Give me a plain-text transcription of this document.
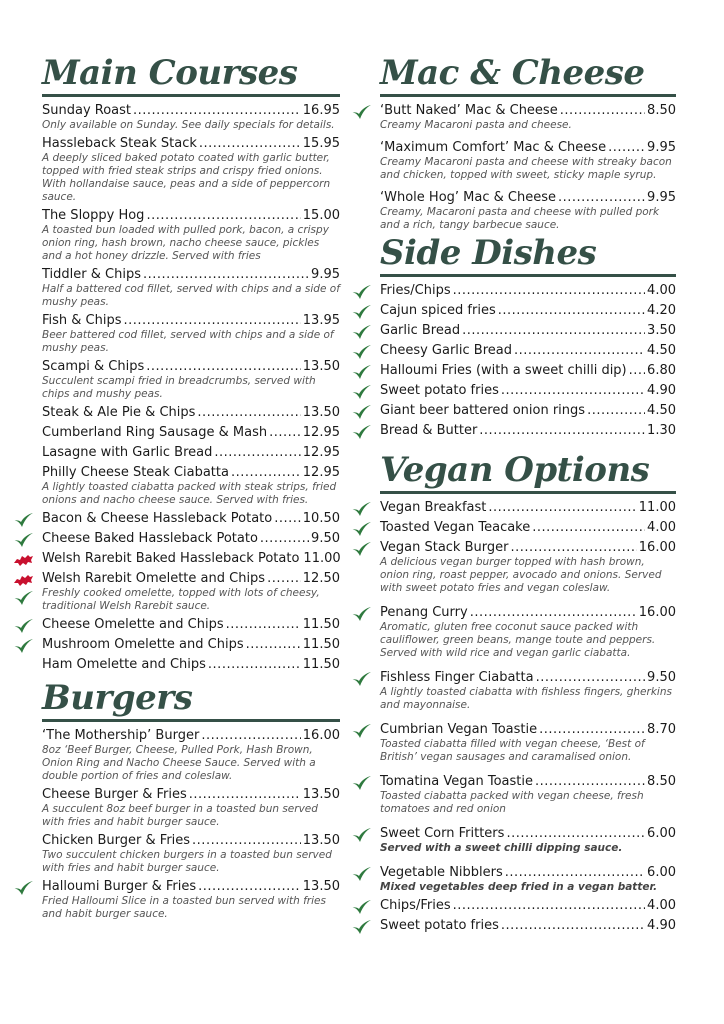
Main Courses
Sunday Roast .....	16.95
Only available on Sunday. See daily specials for details.
Hassleback Steak Stack .....	15.95
A deeply sliced baked potato coated with garlic butter, topped with fried steak strips and crispy fried onions. With hollandaise sauce, peas and a side of peppercorn sauce.
The Sloppy Hog .....	15.00
A toasted bun loaded with pulled pork, bacon, a crispy onion ring, hash brown, nacho cheese sauce, pickles and a hot honey drizzle. Served with fries
Tiddler & Chips .....	9.95
Half a battered cod fillet, served with chips and a side of mushy peas.
Fish & Chips .....	13.95
Beer battered cod fillet, served with chips and a side of mushy peas.
Scampi & Chips .....	13.50
Succulent scampi fried in breadcrumbs, served with chips and mushy peas.
Steak & Ale Pie & Chips .....	13.50
Cumberland Ring Sausage & Mash .....	12.95
Lasagne with Garlic Bread .....	12.95
Philly Cheese Steak Ciabatta .....	12.95
A lightly toasted ciabatta packed with steak strips, fried onions and nacho cheese sauce. Served with fries.
Bacon & Cheese Hassleback Potato ..... 10.50
Cheese Baked Hassleback Potato .....	9.50
Welsh Rarebit Baked Hassleback Potato 11.00
Welsh Rarebit Omelette and Chips .....	12.50
Freshly cooked omelette, topped with lots of cheesy, traditional Welsh Rarebit sauce.
Cheese Omelette and Chips .....	11.50
Mushroom Omelette and Chips .....	11.50
Ham Omelette and Chips .....	11.50
Burgers
‘The Mothership’ Burger .....	16.00
8oz ‘Beef Burger, Cheese, Pulled Pork, Hash Brown, Onion Ring and Nacho Cheese Sauce. Served with a double portion of fries and coleslaw.
Cheese Burger & Fries .....	13.50
A succulent 8oz beef burger in a toasted bun served with fries and habit burger sauce.
Chicken Burger & Fries .....	13.50
Two succulent chicken burgers in a toasted bun served with fries and habit burger sauce.
Halloumi Burger & Fries .....	13.50
Fried Halloumi Slice in a toasted bun served with fries and habit burger sauce.
Mac & Cheese
‘Butt Naked’ Mac & Cheese .....	8.50
Creamy Macaroni pasta and cheese.
‘Maximum Comfort’ Mac & Cheese .....	9.95
Creamy Macaroni pasta and cheese with streaky bacon and chicken, topped with sweet, sticky maple syrup.
‘Whole Hog’ Mac & Cheese .....	9.95
Creamy, Macaroni pasta and cheese with pulled pork and a rich, tangy barbecue sauce.
Side Dishes
Fries/Chips .....	4.00
Cajun spiced fries .....	4.20
Garlic Bread .....	3.50
Cheesy Garlic Bread .....	4.50
Halloumi Fries (with a sweet chilli dip) ..... 6.80
Sweet potato fries .....	4.90
Giant beer battered onion rings .....	4.50
Bread & Butter .....	1.30
Vegan Options
Vegan Breakfast .....	11.00
Toasted Vegan Teacake .....	4.00
Vegan Stack Burger .....	16.00
A delicious vegan burger topped with hash brown, onion ring, roast pepper, avocado and onions. Served with sweet potato fries and vegan coleslaw.
Penang Curry .....	16.00
Aromatic, gluten free coconut sauce packed with cauliflower, green beans, mange toute and peppers. Served with wild rice and vegan garlic ciabatta.
Fishless Finger Ciabatta .....	9.50
A lightly toasted ciabatta with fishless fingers, gherkins and mayonnaise.
Cumbrian Vegan Toastie .....	8.70
Toasted ciabatta filled with vegan cheese, ‘Best of British’ vegan sausages and caramalised onion.
Tomatina Vegan Toastie .....	8.50
Toasted ciabatta packed with vegan cheese, fresh tomatoes and red onion
Sweet Corn Fritters .....	6.00
Served with a sweet chilli dipping sauce.
Vegetable Nibblers .....	6.00
Mixed vegetables deep fried in a vegan batter.
Chips/Fries .....	4.00
Sweet potato fries .....	4.90
